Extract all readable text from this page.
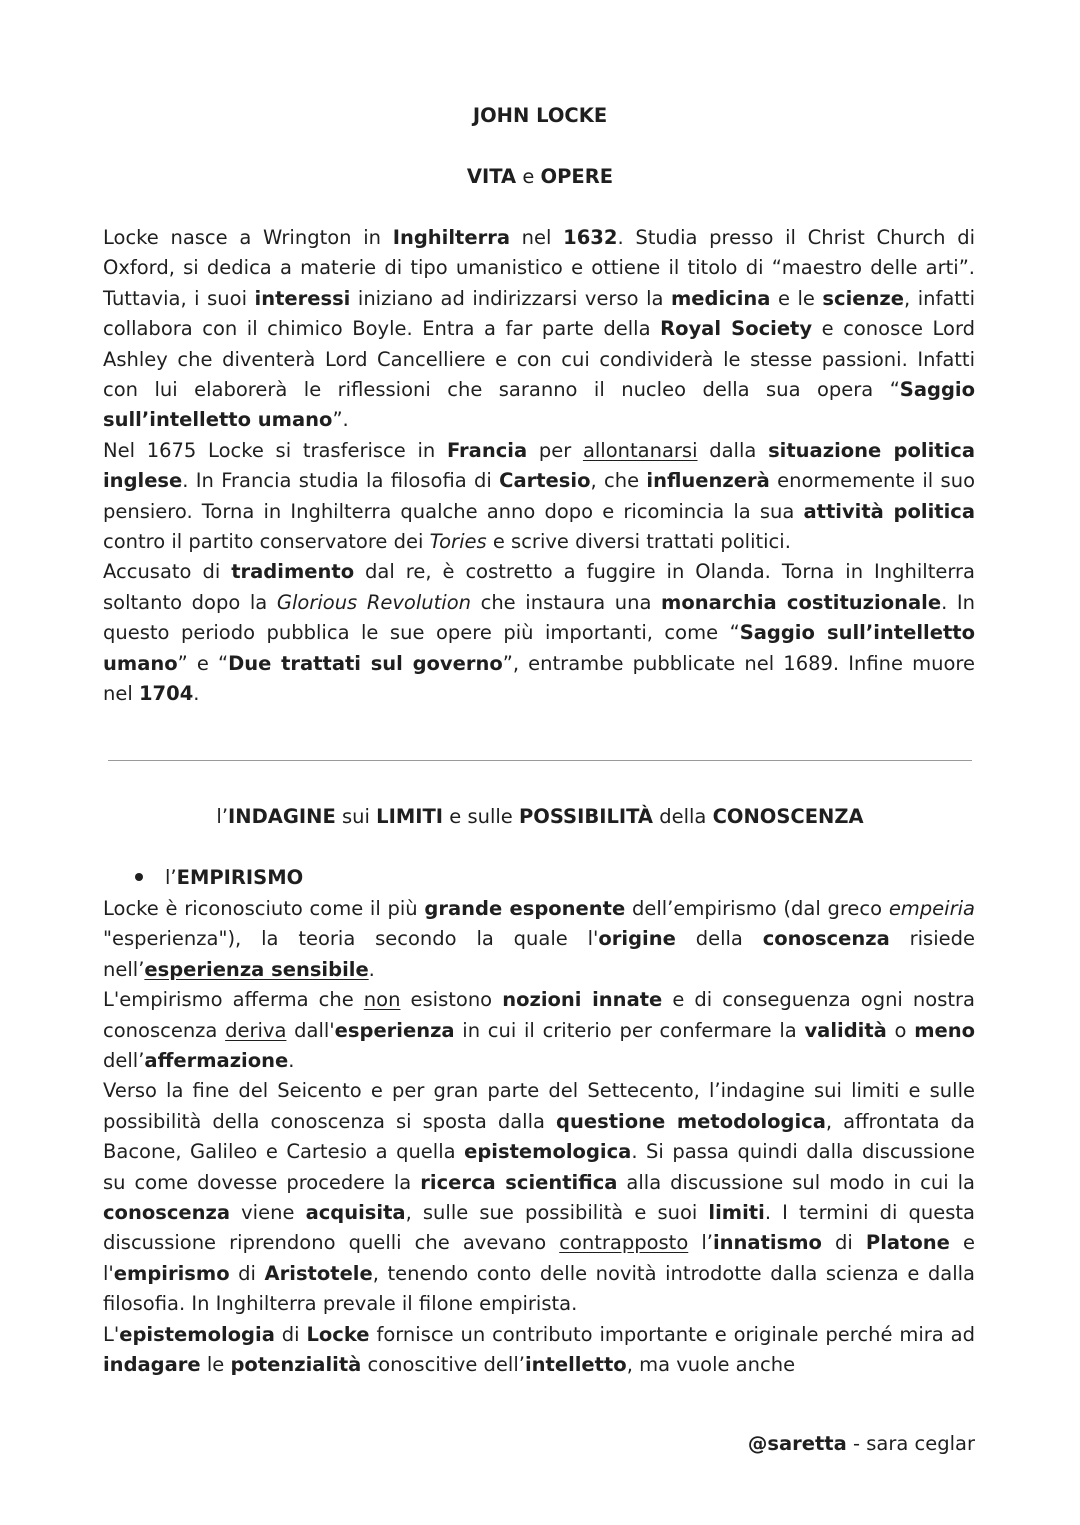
JOHN LOCKE
VITA e OPERE

Locke nasce a Wrington in Inghilterra nel 1632. Studia presso il Christ Church di Oxford, si dedica a materie di tipo umanistico e ottiene il titolo di “maestro delle arti”. Tuttavia, i suoi interessi iniziano ad indirizzarsi verso la medicina e le scienze, infatti collabora con il chimico Boyle. Entra a far parte della Royal Society e conosce Lord Ashley che diventerà Lord Cancelliere e con cui condividerà le stesse passioni. Infatti con lui elaborerà le riflessioni che saranno il nucleo della sua opera “Saggio sull’intelletto umano”.

Nel 1675 Locke si trasferisce in Francia per allontanarsi dalla situazione politica inglese. In Francia studia la filosofia di Cartesio, che influenzerà enormemente il suo pensiero. Torna in Inghilterra qualche anno dopo e ricomincia la sua attività politica contro il partito conservatore dei Tories e scrive diversi trattati politici.

Accusato di tradimento dal re, è costretto a fuggire in Olanda. Torna in Inghilterra soltanto dopo la Glorious Revolution che instaura una monarchia costituzionale. In questo periodo pubblica le sue opere più importanti, come “Saggio sull’intelletto umano” e “Due trattati sul governo”, entrambe pubblicate nel 1689. Infine muore nel 1704.

l’INDAGINE sui LIMITI e sulle POSSIBILITÀ della CONOSCENZA
l’EMPIRISMO

Locke è riconosciuto come il più grande esponente dell’empirismo (dal greco empeiria "esperienza"), la teoria secondo la quale l'origine della conoscenza risiede nell’esperienza sensibile.

L'empirismo afferma che non esistono nozioni innate e di conseguenza ogni nostra conoscenza deriva dall'esperienza in cui il criterio per confermare la validità o meno dell’affermazione.

Verso la fine del Seicento e per gran parte del Settecento, l’indagine sui limiti e sulle possibilità della conoscenza si sposta dalla questione metodologica, affrontata da Bacone, Galileo e Cartesio a quella epistemologica. Si passa quindi dalla discussione su come dovesse procedere la ricerca scientifica alla discussione sul modo in cui la conoscenza viene acquisita, sulle sue possibilità e suoi limiti. I termini di questa discussione riprendono quelli che avevano contrapposto l’innatismo di Platone e l'empirismo di Aristotele, tenendo conto delle novità introdotte dalla scienza e dalla filosofia. In Inghilterra prevale il filone empirista.

L'epistemologia di Locke fornisce un contributo importante e originale perché mira ad indagare le potenzialità conoscitive dell’intelletto, ma vuole anche

@saretta - sara ceglar
